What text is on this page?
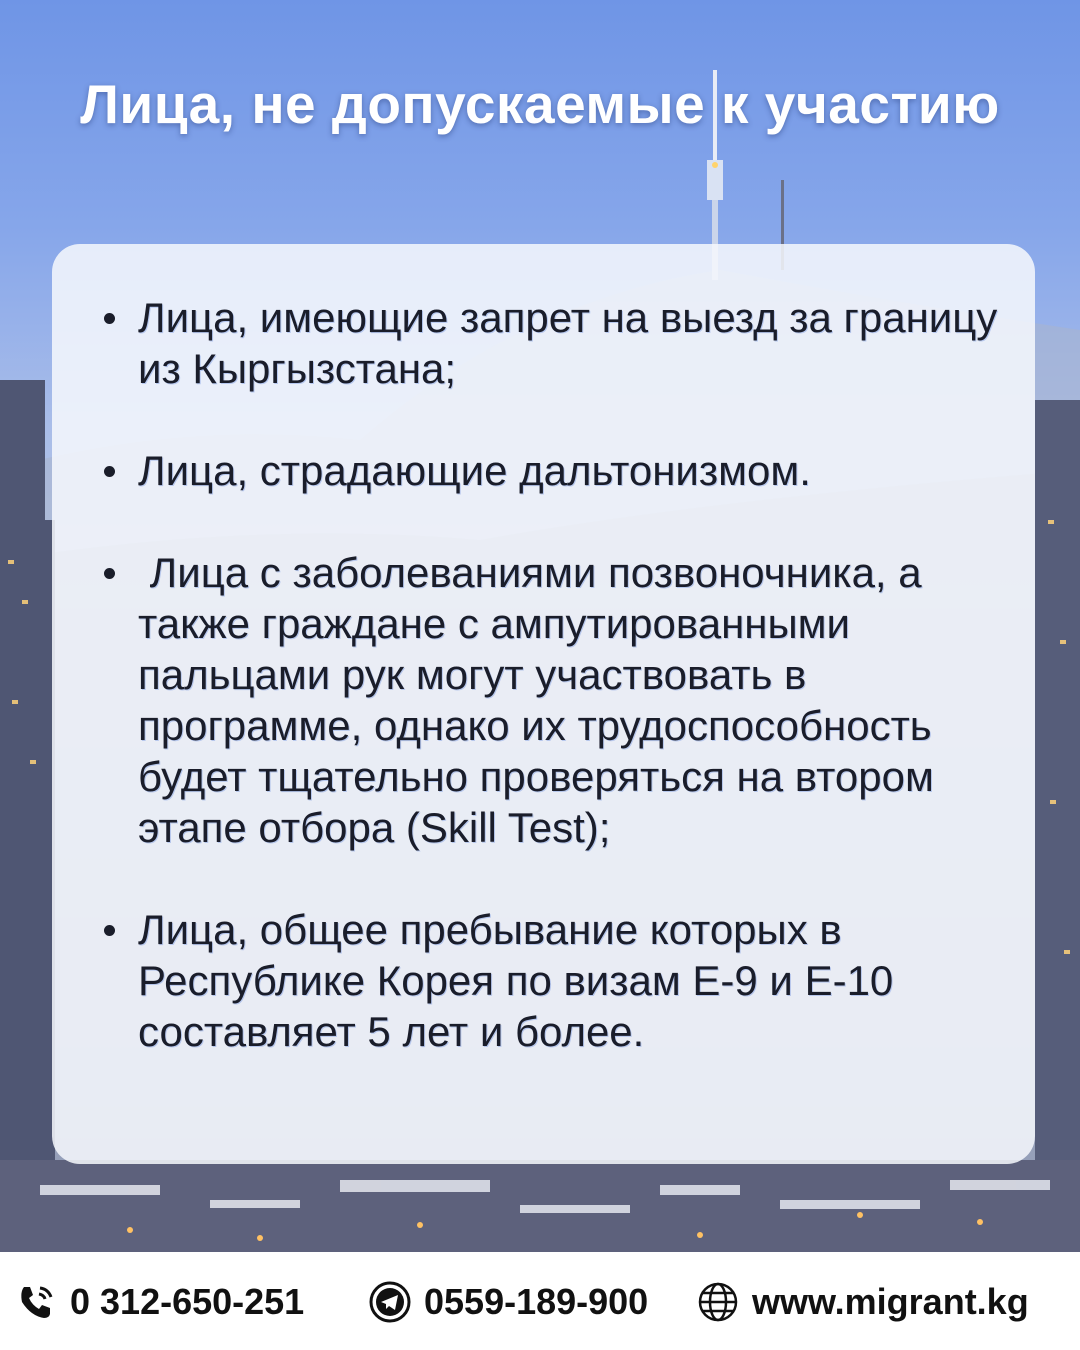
Лица, не допускаемые к участию
Лица, имеющие запрет на выезд за границу из Кыргызстана;
Лица, страдающие дальтонизмом.
Лица с заболеваниями позвоночника, а также граждане с ампутированными пальцами рук могут участвовать в программе, однако их трудоспособность будет тщательно проверяться на втором этапе отбора (Skill Test);
Лица, общее пребывание которых в Республике Корея по визам E-9 и E-10 составляет 5 лет и более.
0 312-650-251	0559-189-900	www.migrant.kg
